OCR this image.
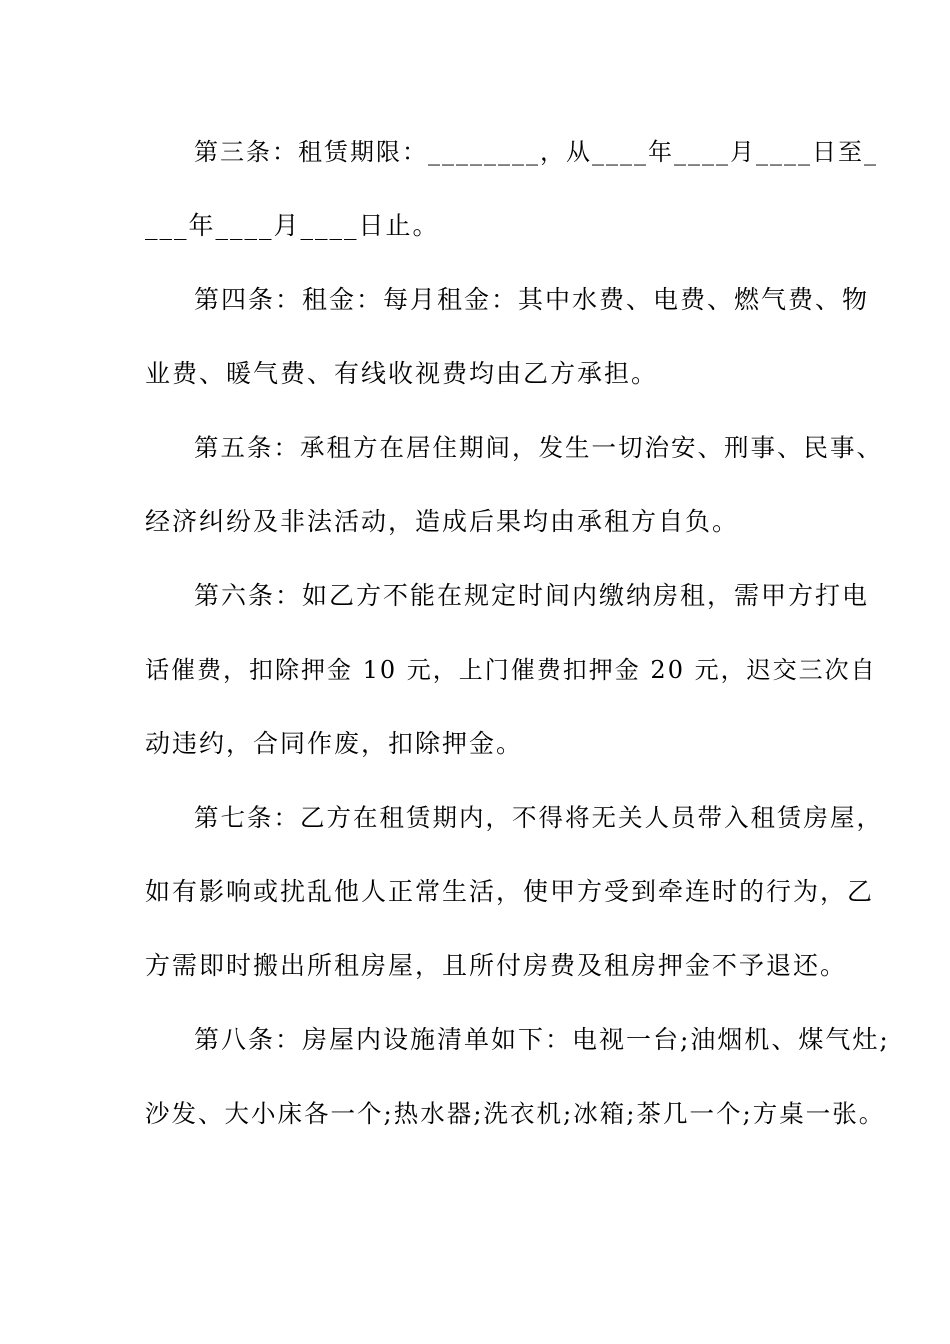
第三条：租赁期限：________，从____年____月____日至_
___年____月____日止。
第四条：租金：每月租金：其中水费、电费、燃气费、物
业费、暖气费、有线收视费均由乙方承担。
第五条：承租方在居住期间，发生一切治安、刑事、民事、
经济纠纷及非法活动，造成后果均由承租方自负。
第六条：如乙方不能在规定时间内缴纳房租，需甲方打电
话催费，扣除押金 10 元，上门催费扣押金 20 元，迟交三次自
动违约，合同作废，扣除押金。
第七条：乙方在租赁期内，不得将无关人员带入租赁房屋，
如有影响或扰乱他人正常生活，使甲方受到牵连时的行为，乙
方需即时搬出所租房屋，且所付房费及租房押金不予退还。
第八条：房屋内设施清单如下：电视一台;油烟机、煤气灶;
沙发、大小床各一个;热水器;洗衣机;冰箱;茶几一个;方桌一张。
